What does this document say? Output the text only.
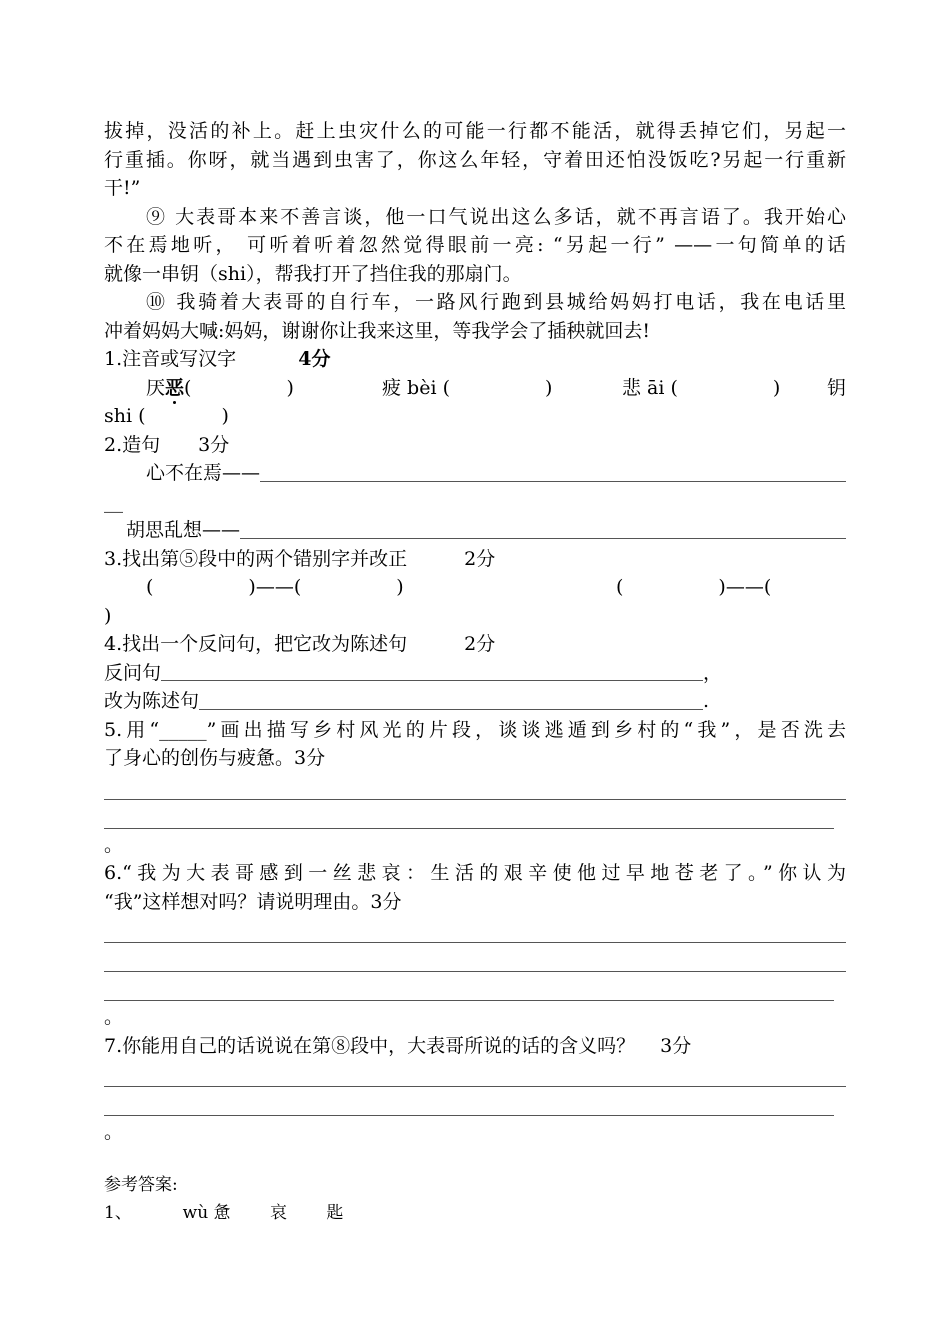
拔掉，没活的补上。赶上虫灾什么的可能一行都不能活，就得丢掉它们，另起一
行重插。你呀，就当遇到虫害了，你这么年轻，守着田还怕没饭吃?另起一行重新
干!”
⑨ 大表哥本来不善言谈，他一口气说出这么多话，就不再言语了。我开始心
不在焉地听， 可听着听着忽然觉得眼前一亮: “另起一行” ——一句简单的话
就像一串钥（shi），帮我打开了挡住我的那扇门。
⑩ 我骑着大表哥的自行车，一路风行跑到县城给妈妈打电话，我在电话里
冲着妈妈大喊:妈妈，谢谢你让我来这里，等我学会了插秧就回去!
1.注音或写汉字	4分
厌恶(　　　　　)	疲 bèi (　　　　　)	悲 āi (　　　　　) 钥
shi (　　　　)
2.造句　　3分
心不在焉——
__
胡思乱想——
3.找出第⑤段中的两个错别字并改正　　　2分
(　　　　　)——(　　　　　)	(　　　　　)——(
)
4.找出一个反问句，把它改为陈述句　　　2分
反问句	，
改为陈述句	.
5.用“_____”画出描写乡村风光的片段，谈谈逃遁到乡村的“我”，是否洗去
了身心的创伤与疲惫。3分
。
6.“我为大表哥感到一丝悲哀：生活的艰辛使他过早地苍老了。”你认为
“我”这样想对吗？请说明理由。3分
。
7.你能用自己的话说说在第⑧段中，大表哥所说的话的含义吗？　 3分
。
参考答案:
1、	wù 惫　　 哀　　 匙
